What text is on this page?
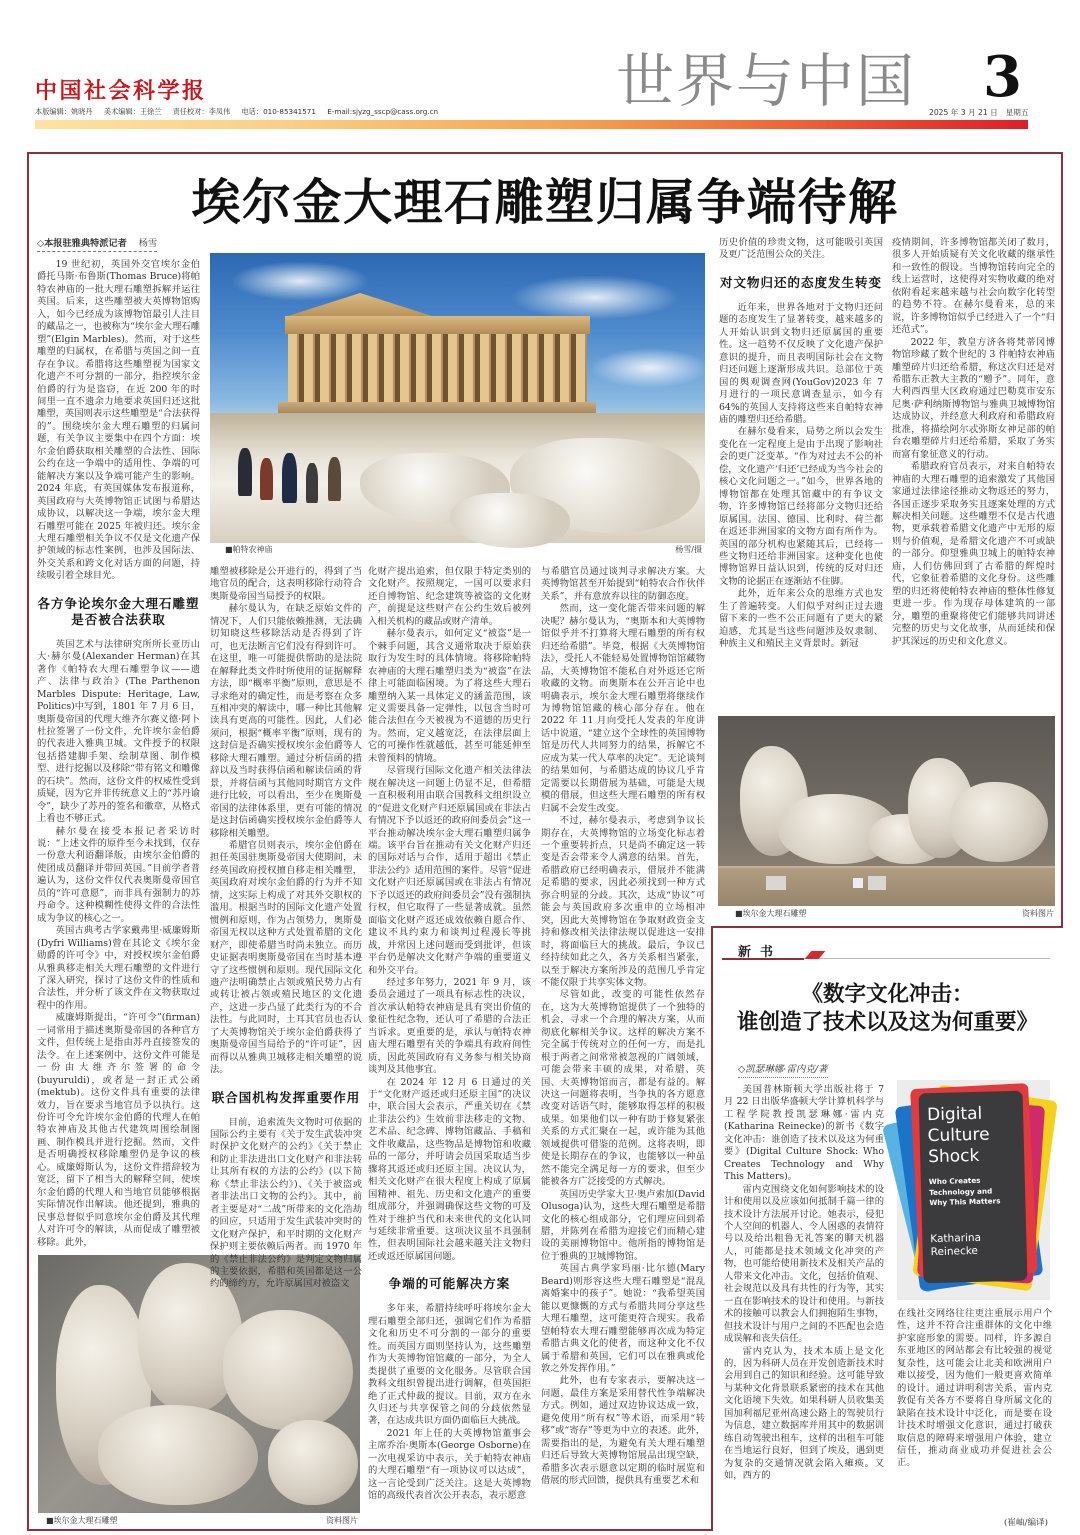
中国社会科学报
本版编辑：姚晓丹 美术编辑：王徐兰 责任校对：李凤伟 电话：010-85341571 E-mail:sjyzg_sscp@cass.org.cn	世界与中国 3
2025 年 3 月 21 日 星期五
埃尔金大理石雕塑归属争端待解
■帕特农神庙	杨雪/摄
■埃尔金大理石雕塑	资料图片
■埃尔金大理石雕塑	资料图片
◇本报驻雅典特派记者 杨雪

19 世纪初，英国外交官埃尔金伯爵托马斯·布鲁斯(Thomas Bruce)将帕特农神庙的一批大理石雕塑拆解并运往英国。后来，这些雕塑被大英博物馆购入，如今已经成为该博物馆最引人注目的藏品之一，也被称为“埃尔金大理石雕塑”(Elgin Marbles)。然而，对于这些雕塑的归属权，在希腊与英国之间一直存在争议。希腊将这些雕塑视为国家文化遗产不可分割的一部分，指控埃尔金伯爵的行为是盗窃，在近 200 年的时间里一直不遗余力地要求英国归还这批雕塑，英国则表示这些雕塑是“合法获得的”。围绕埃尔金大理石雕塑的归属问题，有关争议主要集中在四个方面：埃尔金伯爵获取相关雕塑的合法性、国际公约在这一争端中的适用性、争端的可能解决方案以及争端可能产生的影响。2024 年底，有英国媒体发布报道称，英国政府与大英博物馆正试图与希腊达成协议，以解决这一争端，埃尔金大理石雕塑可能在 2025 年被归还。埃尔金大理石雕塑相关争议不仅是文化遗产保护领域的标志性案例，也涉及国际法、外交关系和跨文化对话方面的问题，持续吸引着全球目光。

各方争论埃尔金大理石雕塑
是否被合法获取

英国艺术与法律研究所所长亚历山大·赫尔曼(Alexander Herman)在其著作《帕特农大理石雕塑争议——遗产、法律与政治》(The Parthenon Marbles Dispute: Heritage, Law, Politics)中写到，1801 年 7 月 6 日，奥斯曼帝国的代理大维齐尔赛义德·阿卜杜拉签署了一份文件，允许埃尔金伯爵的代表进入雅典卫城。文件授予的权限包括搭建脚手架、绘制草图、制作模型、进行挖掘以及移除“带有铭文和雕像的石块”。然而，这份文件的权威性受到质疑，因为它并非传统意义上的“苏丹谕令”，缺少了苏丹的签名和徽章，从格式上看也不够正式。

赫尔曼在接受本报记者采访时说：“上述文件的原件至今未找到，仅存一份意大利语翻译版，由埃尔金伯爵的使团成员翻译并带回英国。”目前学者普遍认为，这份文件仅代表奥斯曼帝国官员的“许可意愿”，而非具有强制力的苏丹命令。这种模糊性使得文件的合法性成为争议的核心之一。

英国古典考古学家戴弗里·威廉姆斯(Dyfri Williams)曾在其论文《埃尔金勋爵的许可令》中，对授权埃尔金伯爵从雅典移走相关大理石雕塑的文件进行了深入研究，探讨了这份文件的性质和合法性，并分析了该文件在文物获取过程中的作用。

威廉姆斯提出，“许可令”(firman)一词常用于描述奥斯曼帝国的各种官方文件，但传统上是指由苏丹直接签发的法令。在上述案例中，这份文件可能是一份由大维齐尔签署的命令(buyuruldi)，或者是一封正式公函(mektub)。这份文件具有重要的法律效力，旨在要求当地官员予以执行。这份许可令允许埃尔金伯爵的代理人在帕特农神庙及其他古代建筑周围绘制图画、制作模具并进行挖掘。然而，文件是否明确授权移除雕塑仍是争议的核心。威廉姆斯认为，这份文件措辞较为宽泛，留下了相当大的解释空间，使埃尔金伯爵的代理人和当地官员能够根据实际情况作出解读。他还提到，雅典的民事总督似乎同意埃尔金伯爵及其代理人对许可令的解读，从而促成了雕塑被移除。此外，

雕塑被移除是公开进行的，得到了当地官员的配合，这表明移除行动符合奥斯曼帝国当局授予的权限。

赫尔曼认为，在缺乏原始文件的情况下，人们只能依赖推测，无法确切知晓这些移除活动是否得到了许可，也无法断言它们没有得到许可。在这里，唯一可能提供帮助的是法院在解释此类文件时所使用的证据解释方法，即“概率平衡”原则，意思是不寻求绝对的确定性，而是考察在众多互相冲突的解读中，哪一种比其他解读具有更高的可能性。因此，人们必须问，根据“概率平衡”原则，现有的这封信是否确实授权埃尔金伯爵等人移除大理石雕塑。通过分析信函的措辞以及当时获得信函和解读信函的背景，并将信函与其他同时期官方文件进行比较，可以看出，至少在奥斯曼帝国的法律体系里，更有可能的情况是这封信函确实授权埃尔金伯爵等人移除相关雕塑。

希腊官员则表示，埃尔金伯爵在担任英国驻奥斯曼帝国大使期间，未经英国政府授权擅自移走相关雕塑，英国政府对埃尔金伯爵的行为并不知情，这实际上构成了对其外交职权的滥用。根据当时的国际文化遗产处置惯例和原则，作为占领势力，奥斯曼帝国无权以这种方式处置希腊的文化财产，即使希腊当时尚未独立。而历史证据表明奥斯曼帝国在当时基本遵守了这些惯例和原则。现代国际文化遗产法明确禁止占领或殖民势力占有或转让被占领或殖民地区的文化遗产，这进一步凸显了此类行为的不合法性。与此同时，土耳其官员也否认了大英博物馆关于埃尔金伯爵获得了奥斯曼帝国当局给予的“许可证”，因而得以从雅典卫城移走相关雕塑的说法。

联合国机构发挥重要作用

目前，追索流失文物时可依据的国际公约主要有《关于发生武装冲突时保护文化财产的公约》《关于禁止和防止非法进出口文化财产和非法转让其所有权的方法的公约》(以下简称《禁止非法公约》)、《关于被盗或者非法出口文物的公约》。其中，前者主要是对“二战”所带来的文化浩劫的回应，只适用于发生武装冲突时的文化财产保护，和平时期的文化财产保护则主要依赖后两者。而 1970 年的《禁止非法公约》是判定文物归属的主要依据，希腊和英国都是这一公约的缔约方，允许原属国对被盗文

化财产提出追索，但仅限于特定类别的文化财产。按照规定，一国可以要求归还自博物馆、纪念建筑等被盗的文化财产，前提是这些财产在公约生效后被列入相关机构的藏品或财产清单。

赫尔曼表示，如何定义“被盗”是一个棘手问题，其含义通常取决于原始获取行为发生时的具体情境。将移除帕特农神庙的大理石雕塑归类为“被盗”在法律上可能面临困境。为了将这些大理石雕塑纳入某一具体定义的涵盖范围，该定义需要具备一定弹性，以包含当时可能合法但在今天被视为不道德的历史行为。然而，定义越宽泛，在法律层面上它的可操作性就越低，甚至可能延伸至未曾预料的情境。

尽管现行国际文化遗产相关法律法规在解决这一问题上仍显不足，但希腊一直积极利用由联合国教科文组织设立的“促进文化财产归还原属国或在非法占有情况下予以返还的政府间委员会”这一平台推动解决埃尔金大理石雕塑归属争端。该平台旨在推动有关文化财产归还的国际对话与合作，适用于超出《禁止非法公约》适用范围的案件。尽管“促进文化财产归还原属国或在非法占有情况下予以返还的政府间委员会”没有强制执行权，但它取得了一些显著成就。虽然面临文化财产返还成效依赖自愿合作、建议不具约束力和谈判过程漫长等挑战，并常因上述问题而受到批评，但该平台仍是解决文化财产争端的重要道义和外交平台。

经过多年努力，2021 年 9 月，该委员会通过了一项具有标志性的决议，首次承认帕特农神庙是具有突出价值的象征性纪念物，还认可了希腊的合法正当诉求。更重要的是，承认与帕特农神庙大理石雕塑有关的争端具有政府间性质，因此英国政府有义务参与相关协商谈判及其他事宜。

在 2024 年 12 月 6 日通过的关于“文化财产返还或归还原主国”的决议中，联合国大会表示，严重关切在《禁止非法公约》生效前非法移走的文物、艺术品、纪念碑、博物馆藏品、手稿和文件收藏品，这些物品是博物馆和收藏品的一部分，并吁请会员国采取适当步骤将其返还或归还原主国。决议认为，相关文化财产在很大程度上构成了原属国精神、祖先、历史和文化遗产的重要组成部分，并强调确保这些文物的可及性对于维护当代和未来世代的文化认同与延续非常重要。这项决议虽不具强制性，但表明国际社会越来越关注文物归还或返还原属国问题。

争端的可能解决方案

多年来，希腊持续呼吁将埃尔金大理石雕塑全部归还，强调它们作为希腊文化和历史不可分割的一部分的重要性。而英国方面则坚持认为，这些雕塑作为大英博物馆馆藏的一部分，为全人类提供了重要的文化服务。尽管联合国教科文组织曾提出进行调解，但英国拒绝了正式仲裁的提议。目前，双方在永久归还与共享保管之间的分歧依然显著，在达成共识方面仍面临巨大挑战。

2021 年上任的大英博物馆董事会主席乔治·奥斯本(George Osborne)在一次电视采访中表示，关于帕特农神庙的大理石雕塑“有一项协议可以达成”，这一言论受到广泛关注。这是大英博物馆的高级代表首次公开表态，表示愿意

与希腊官员通过谈判寻求解决方案。大英博物馆甚至开始提到“帕特农合作伙伴关系”，并有意放弃以往的防御态度。

然而，这一变化能否带来问题的解决呢？赫尔曼认为，“奥斯本和大英博物馆似乎并不打算将大理石雕塑的所有权归还给希腊”。毕竟，根据《大英博物馆法》，受托人不能轻易处置博物馆馆藏物品，大英博物馆不能私自对外返还它所收藏的文物。而奥斯本在公开言论中也明确表示，埃尔金大理石雕塑将继续作为博物馆馆藏的核心部分存在。他在 2022 年 11 月向受托人发表的年度讲话中说道，“建立这个全球性的英国博物馆是历代人共同努力的结果，拆解它不应成为某一代人草率的决定”。无论谈判的结果如何，与希腊达成的协议几乎肯定需要以长期借展为基础，可能是大规模的借展，但这些大理石雕塑的所有权归属不会发生改变。

不过，赫尔曼表示，考虑到争议长期存在，大英博物馆的立场变化标志着一个重要转折点，只是尚不确定这一转变是否会带来令人满意的结果。首先，希腊政府已经明确表示，借展并不能满足希腊的要求，因此必须找到一种方式弥合明显的分歧。其次，达成“协议”可能会与英国政府多次重申的立场相冲突，因此大英博物馆在争取财政资金支持和修改相关法律法规以促进这一安排时，将面临巨大的挑战。最后，争议已经持续如此之久，各方关系相当紧张，以至于解决方案所涉及的范围几乎肯定不能仅限于共享实体文物。

尽管如此，改变的可能性依然存在，这为大英博物馆提供了一个独特的机会，寻求一个合理的解决方案，从而彻底化解相关争议。这样的解决方案不完全属于传统对立的任何一方，而是扎根于两者之间常常被忽视的广阔领域，可能会带来丰硕的成果，对希腊、英国、大英博物馆而言，都是有益的。解决这一问题将表明，当争执的各方愿意改变对话语气时，能够取得怎样的积极成果。如果他们以一种有助于修复紧张关系的方式汇聚在一起，或许能为其他领域提供可借鉴的范例。这将表明，即使是长期存在的争议，也能够以一种虽然不能完全满足每一方的要求，但至少能被各方广泛接受的方式解决。

英国历史学家大卫·奥卢索加(David Olusoga)认为，这些大理石雕塑是希腊文化的核心组成部分，它们理应回到希腊，并陈列在希腊为迎接它们而精心建设的美丽博物馆中。他所指的博物馆是位于雅典的卫城博物馆。

英国古典学家玛丽·比尔德(Mary Beard)则形容这些大理石雕塑是“混乱离婚案中的孩子”。她说：“我希望英国能以更慷慨的方式与希腊共同分享这些大理石雕塑，这可能更符合现实。我希望帕特农大理石雕塑能够再次成为特定希腊古典文化的使者，而这种文化不仅属于希腊和英国，它们可以在雅典或伦敦之外发挥作用。”

此外，也有专家表示，要解决这一问题，最佳方案是采用替代性争端解决方式。例如，通过双边协议达成一致，避免使用“所有权”等术语，而采用“转移”或“寄存”等更为中立的表述。此外，需要指出的是，为避免有关大理石雕塑归还后导致大英博物馆展品出现空缺，希腊多次表示愿意以定期的临时展览和借展的形式回馈，提供具有重要艺术和

历史价值的珍贵文物，这可能吸引英国及更广泛范围公众的关注。

对文物归还的态度发生转变

近年来，世界各地对于文物归还问题的态度发生了显著转变，越来越多的人开始认识到文物归还原属国的重要性。这一趋势不仅反映了文化遗产保护意识的提升，而且表明国际社会在文物归还问题上逐渐形成共识。总部位于英国的舆观调查网(YouGov)2023 年 7 月进行的一项民意调查显示，如今有 64%的英国人支持将这些来自帕特农神庙的雕塑归还给希腊。

在赫尔曼看来，局势之所以会发生变化在一定程度上是由于出现了影响社会的更广泛变革。“作为对过去不公的补偿，文化遗产‘归还’已经成为当今社会的核心文化问题之一。”如今，世界各地的博物馆都在处理其馆藏中的有争议文物，许多博物馆已经将部分文物归还给原属国。法国、德国、比利时、荷兰都在返还非洲国家的文物方面有所作为。英国的部分机构也紧随其后，已经将一些文物归还给非洲国家。这种变化也使博物馆界日益认识到，传统的反对归还文物的论据正在逐渐站不住脚。

此外，近年来公众的思维方式也发生了普遍转变。人们似乎对纠正过去遗留下来的一些不公正问题有了更大的紧迫感，尤其是当这些问题涉及奴隶制、种族主义和殖民主义背景时。新冠

疫情期间，许多博物馆都关闭了数月，很多人开始质疑有关文化收藏的继承性和一致性的假设。当博物馆转向完全的线上运营时，这使得对实物收藏的绝对依附看起来越来越与社会向数字化转型的趋势不符。在赫尔曼看来，总的来说，许多博物馆似乎已经进入了一个“归还范式”。

2022 年，教皇方济各将梵蒂冈博物馆珍藏了数个世纪的 3 件帕特农神庙雕塑碎片归还给希腊，称这次归还是对希腊东正教大主教的“赠予”。同年，意大利西西里大区政府通过巴勒莫市安东尼奥·萨利纳斯博物馆与雅典卫城博物馆达成协议，并经意大利政府和希腊政府批准，将描绘阿尔忒弥斯女神足部的帕台农雕塑碎片归还给希腊，采取了务实而富有象征意义的行动。

希腊政府官员表示，对来自帕特农神庙的大理石雕塑的追索激发了其他国家通过法律途径推动文物返还的努力，各国正逐步采取务实且逐案处理的方式解决相关问题。这些雕塑不仅是古代遗物，更承载着希腊文化遗产中无形的原则与价值观，是希腊文化遗产不可或缺的一部分。仰望雅典卫城上的帕特农神庙，人们仿佛回到了古希腊的辉煌时代，它象征着希腊的文化身份。这些雕塑的归还将使帕特农神庙的整体性修复更进一步。作为现存母体建筑的一部分，雕塑的重聚将使它们能够共同讲述完整的历史与文化故事，从而延续和保护其深远的历史和文化意义。

新书
《数字文化冲击：
谁创造了技术以及这为何重要》
◇凯瑟琳娜·雷内克/著
Digital
Culture
Shock
Who Creates
Technology and
Why This Matters
Katharina
Reinecke

美国普林斯顿大学出版社将于 7 月 22 日出版华盛顿大学计算机科学与工程学院教授凯瑟琳娜·雷内克(Katharina Reinecke)的新书《数字文化冲击：谁创造了技术以及这为何重要》(Digital Culture Shock: Who Creates Technology and Why This Matters)。

雷内克围绕文化如何影响技术的设计和使用以及应该如何抵制千篇一律的技术设计方法展开讨论。她表示，侵犯个人空间的机器人、令人困惑的表情符号以及给出粗鲁无礼答案的聊天机器人，可能都是技术领域文化冲突的产物，也可能给使用新技术及相关产品的人带来文化冲击。文化，包括价值观、社会规范以及具有共性的行为等，其实一直在影响技术的设计和使用。与新技术的接触可以教会人们拥抱陌生事物，但技术设计与用户之间的不匹配也会造成误解和丧失信任。

雷内克认为，技术本质上是文化的，因为科研人员在开发创造新技术时会用到自己的知识和经验。这可能导致与某种文化背景联系紧密的技术在其他文化语境下失效。如果科研人员收集美国加利福尼亚州高速公路上的驾驶员行为信息，建立数据库并用其中的数据训练自动驾驶出租车，这样的出租车可能在当地运行良好，但到了埃及，遇到更为复杂的交通情况就会陷入瘫痪。又如，西方的

在线社交网络往往更注重展示用户个性，这并不符合注重群体的文化中维护家庭形象的需要。同样，许多源自东亚地区的网站都会有比较强的视觉复杂性，这可能会让北美和欧洲用户难以接受，因为他们一般更喜欢简单的设计。通过讲明利害关系，雷内克敦促有关各方不要将自身所属文化的缺陷在技术设计中泛化，而是要在设计技术时增强文化意识，通过打破获取信息的障碍来增强用户体验，建立信任，推动商业成功并促进社会公正。

(崔岫/编译)
